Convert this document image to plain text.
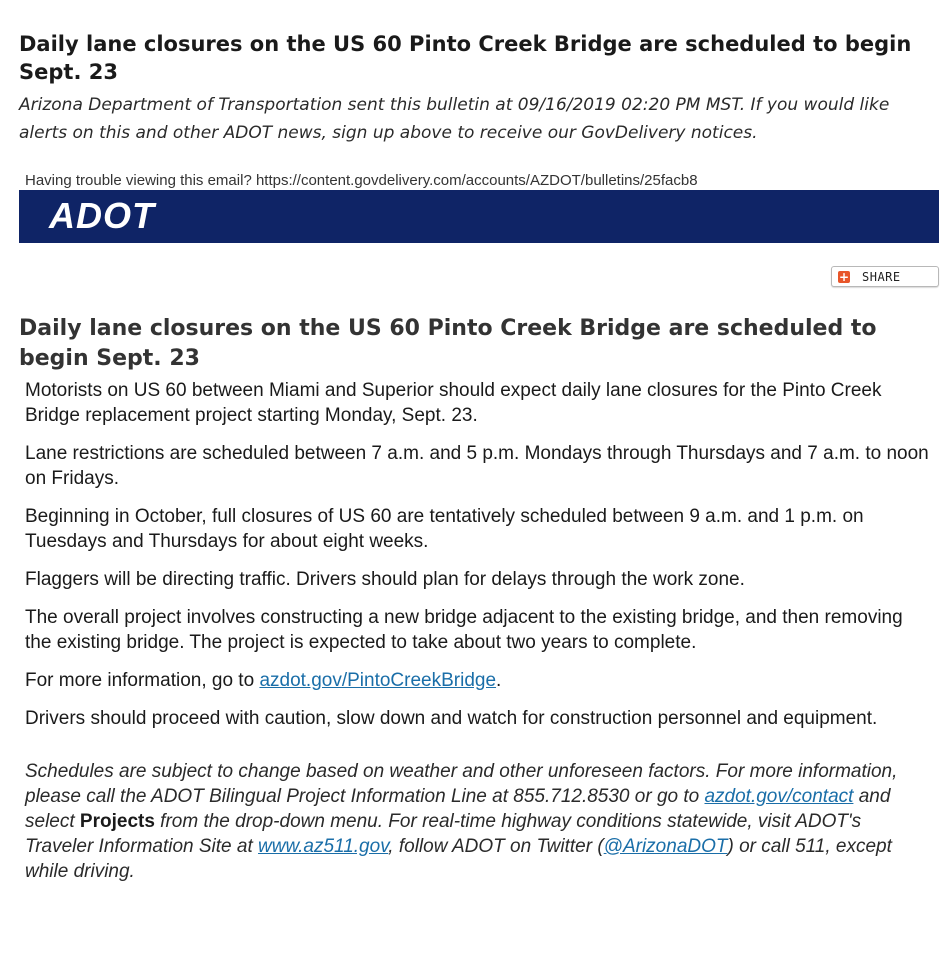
Daily lane closures on the US 60 Pinto Creek Bridge are scheduled to begin Sept. 23

Arizona Department of Transportation sent this bulletin at 09/16/2019 02:20 PM MST. If you would like alerts on this and other ADOT news, sign up above to receive our GovDelivery notices.

Having trouble viewing this email? https://content.govdelivery.com/accounts/AZDOT/bulletins/25facb8

ADOT
+ SHARE
Daily lane closures on the US 60 Pinto Creek Bridge are scheduled to begin Sept. 23

Motorists on US 60 between Miami and Superior should expect daily lane closures for the Pinto Creek Bridge replacement project starting Monday, Sept. 23.

Lane restrictions are scheduled between 7 a.m. and 5 p.m. Mondays through Thursdays and 7 a.m. to noon on Fridays.

Beginning in October, full closures of US 60 are tentatively scheduled between 9 a.m. and 1 p.m. on Tuesdays and Thursdays for about eight weeks.

Flaggers will be directing traffic. Drivers should plan for delays through the work zone.

The overall project involves constructing a new bridge adjacent to the existing bridge, and then removing the existing bridge. The project is expected to take about two years to complete.

For more information, go to azdot.gov/PintoCreekBridge.

Drivers should proceed with caution, slow down and watch for construction personnel and equipment.

Schedules are subject to change based on weather and other unforeseen factors. For more information, please call the ADOT Bilingual Project Information Line at 855.712.8530 or go to azdot.gov/contact and select Projects from the drop-down menu. For real-time highway conditions statewide, visit ADOT's Traveler Information Site at www.az511.gov, follow ADOT on Twitter (@ArizonaDOT) or call 511, except while driving.
